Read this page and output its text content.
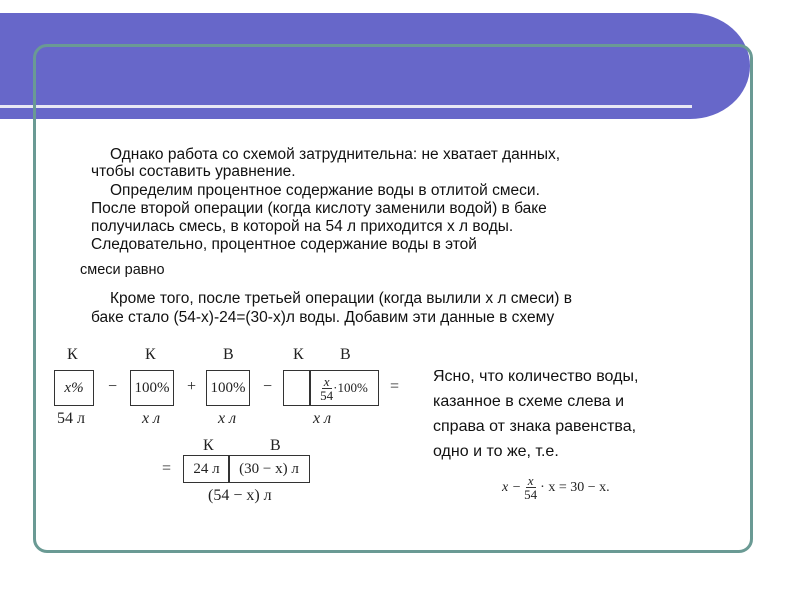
Однако работа со схемой затруднительна: не хватает данных,
чтобы составить уравнение.
Определим процентное содержание воды в отлитой смеси.
После второй операции (когда кислоту заменили водой) в баке
получилась смесь, в которой на 54 л приходится х л воды.
Следовательно, процентное содержание воды в этой
смеси равно
Кроме того, после третьей операции (когда вылили х л смеси) в
баке стало (54-х)-24=(30-х)л воды. Добавим эти данные в схему
К	К	В	К В
x%	−	100% + 100% −	$\frac{x}{54} \cdot 100\%$ =
54 л	x л	x л	x л
К	В
=	24 л	(30 − x) л
(54 − x) л
Ясно, что количество воды,
казанное в схеме слева и
справа от знака равенства,
одно и то же, т.е.
$x - \frac{x}{54} \cdot x = 30 - x$.
